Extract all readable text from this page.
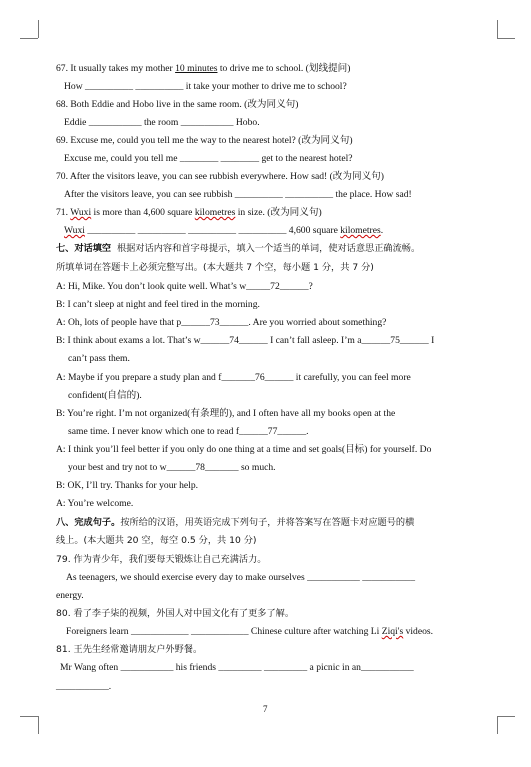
67. It usually takes my mother 10 minutes to drive me to school. (划线提问)
How __________ __________ it take your mother to drive me to school?
68. Both Eddie and Hobo live in the same room. (改为同义句)
Eddie ___________ the room ___________ Hobo.
69. Excuse me, could you tell me the way to the nearest hotel? (改为同义句)
Excuse me, could you tell me ________ ________ get to the nearest hotel?
70. After the visitors leave, you can see rubbish everywhere. How sad! (改为同义句)
After the visitors leave, you can see rubbish __________ __________ the place. How sad!
71. Wuxi is more than 4,600 square kilometres in size. (改为同义句)
Wuxi __________ __________ __________ __________ 4,600 square kilometres.
七、对话填空 根据对话内容和首字母提示，填入一个适当的单词，使对话意思正确流畅。
所填单词在答题卡上必须完整写出。(本大题共 7 个空，每小题 1 分，共 7 分)
A: Hi, Mike. You don’t look quite well. What’s w_____72______?
B: I can’t sleep at night and feel tired in the morning.
A: Oh, lots of people have that p______73______. Are you worried about something?
B: I think about exams a lot. That’s w______74______ I can’t fall asleep. I’m a______75______ I
can’t pass them.
A: Maybe if you prepare a study plan and f_______76______ it carefully, you can feel more
confident(自信的).
B: You’re right. I’m not organized(有条理的), and I often have all my books open at the
same time. I never know which one to read f______77______.
A: I think you’ll feel better if you only do one thing at a time and set goals(目标) for yourself. Do
your best and try not to w______78_______ so much.
B: OK, I’ll try. Thanks for your help.
A: You’re welcome.
八、完成句子。按所给的汉语，用英语完成下列句子，并将答案写在答题卡对应题号的横
线上。(本大题共 20 空，每空 0.5 分，共 10 分)
79. 作为青少年，我们要每天锻炼让自己充满活力。
As teenagers, we should exercise every day to make ourselves ___________ ___________
energy.
80. 看了李子柒的视频，外国人对中国文化有了更多了解。
Foreigners learn ____________ ____________ Chinese culture after watching Li Ziqi's videos.
81. 王先生经常邀请朋友户外野餐。
Mr Wang often ___________ his friends _________ _________ a picnic in an___________
___________.
7
